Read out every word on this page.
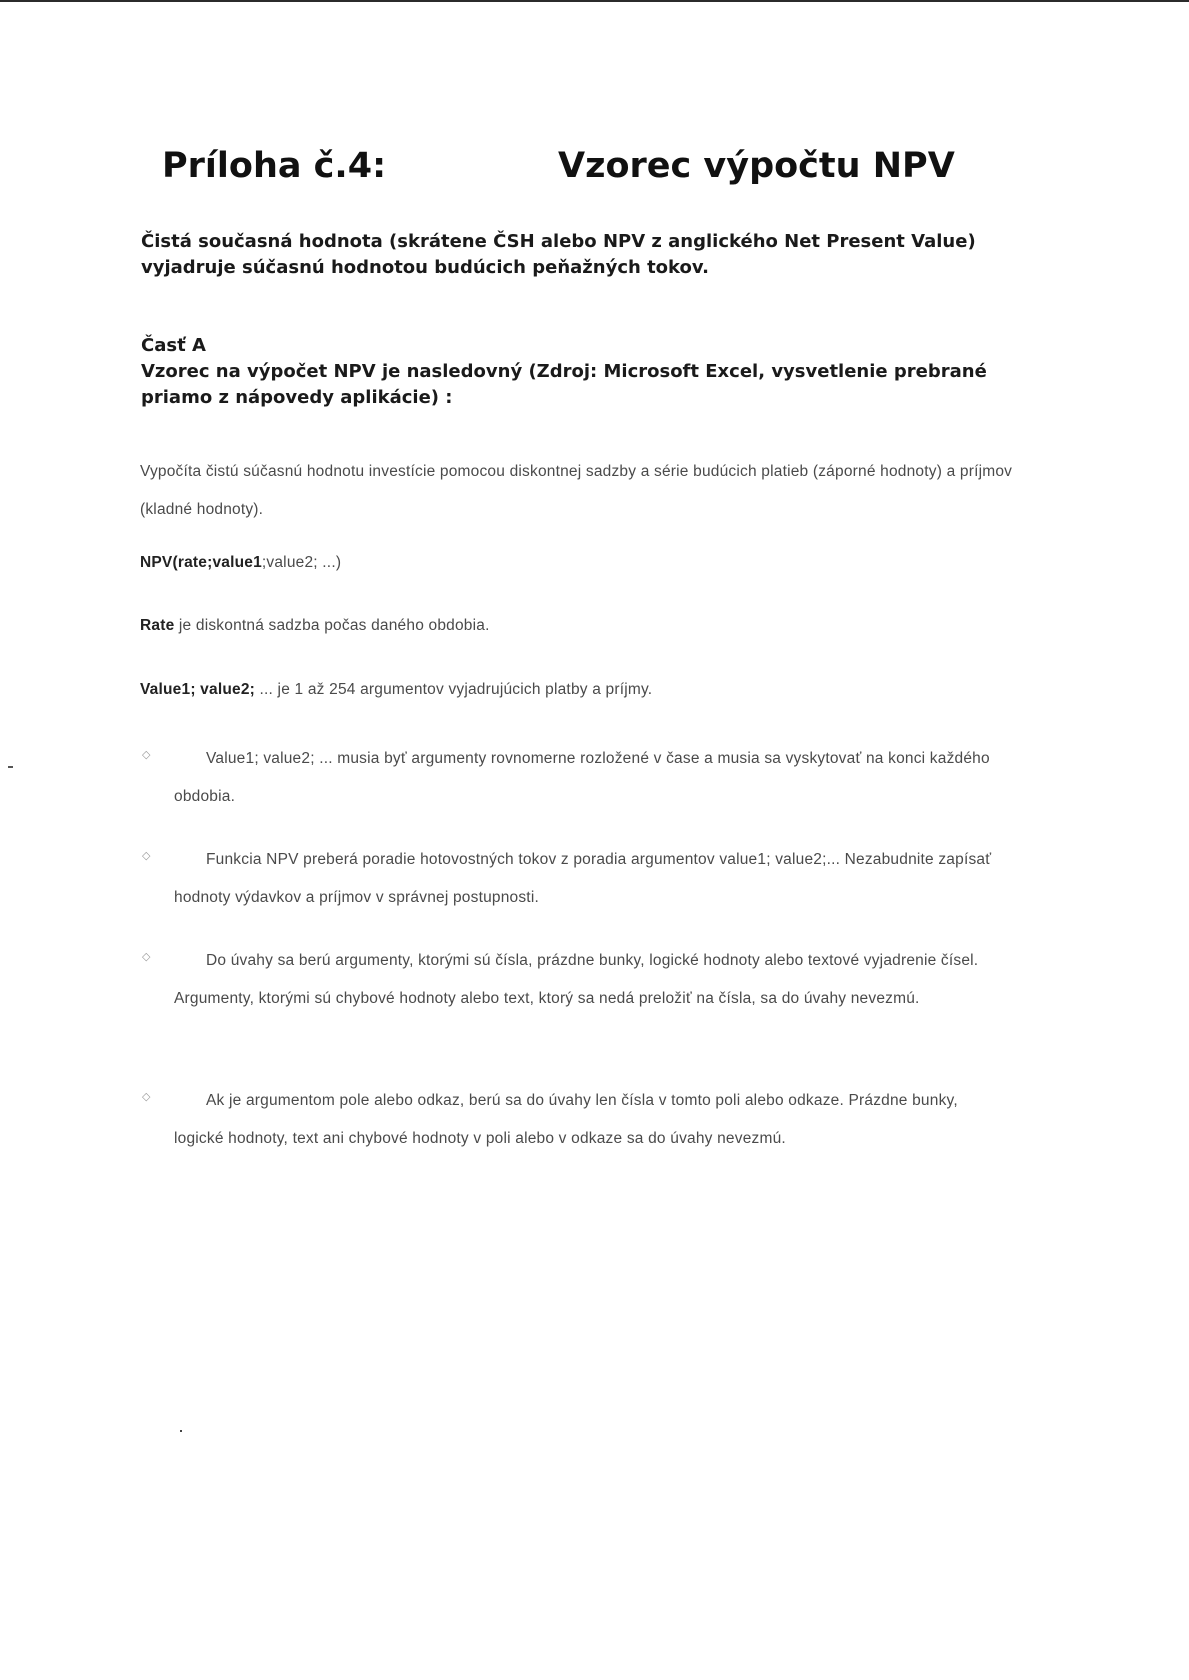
Príloha č.4:	Vzorec výpočtu NPV
Čistá současná hodnota (skrátene ČSH alebo NPV z anglického Net Present Value) vyjadruje súčasnú hodnotou budúcich peňažných tokov.
Časť A
Vzorec na výpočet NPV je nasledovný (Zdroj: Microsoft Excel, vysvetlenie prebrané priamo z nápovedy aplikácie) :
Vypočíta čistú súčasnú hodnotu investície pomocou diskontnej sadzby a série budúcich platieb (záporné hodnoty) a príjmov (kladné hodnoty).
NPV(rate;value1;value2; ...)
Rate je diskontná sadzba počas daného obdobia.
Value1; value2; ... je 1 až 254 argumentov vyjadrujúcich platby a príjmy.
◇	Value1; value2; ... musia byť argumenty rovnomerne rozložené v čase a musia sa vyskytovať na konci každého obdobia.
◇	Funkcia NPV preberá poradie hotovostných tokov z poradia argumentov value1; value2;... Nezabudnite zapísať hodnoty výdavkov a príjmov v správnej postupnosti.
◇	Do úvahy sa berú argumenty, ktorými sú čísla, prázdne bunky, logické hodnoty alebo textové vyjadrenie čísel. Argumenty, ktorými sú chybové hodnoty alebo text, ktorý sa nedá preložiť na čísla, sa do úvahy nevezmú.
◇	Ak je argumentom pole alebo odkaz, berú sa do úvahy len čísla v tomto poli alebo odkaze. Prázdne bunky, logické hodnoty, text ani chybové hodnoty v poli alebo v odkaze sa do úvahy nevezmú.
